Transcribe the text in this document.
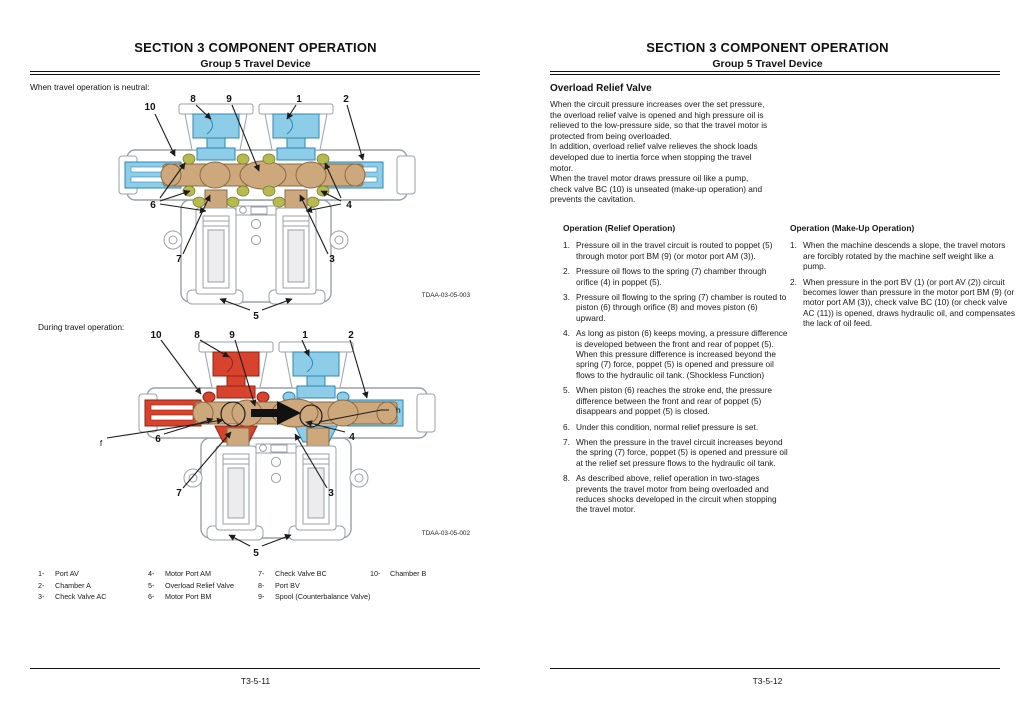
SECTION 3 COMPONENT OPERATION
Group 5 Travel Device
When travel operation is neutral:
10
8	9	1	2
6	4
7	3
5
TDAA-03-05-003
During travel operation:
10	8	9	1	2
f	6	4
h
7	3
5
TDAA-03-05-002
1-	Port AV
2-	Chamber A
3-	Check Valve AC
4-	Motor Port AM
5-	Overload Relief Valve
6-	Motor Port BM
7-	Check Valve BC
8-	Port BV
9-	Spool (Counterbalance Valve)
10-	Chamber B
T3-5-11
SECTION 3 COMPONENT OPERATION
Group 5 Travel Device
Overload Relief Valve
When the circuit pressure increases over the set pressure, the overload relief valve is opened and high pressure oil is relieved to the low-pressure side, so that the travel motor is protected from being overloaded.
In addition, overload relief valve relieves the shock loads developed due to inertia force when stopping the travel motor.
When the travel motor draws pressure oil like a pump, check valve BC (10) is unseated (make-up operation) and prevents the cavitation.
Operation (Relief Operation)
1. Pressure oil in the travel circuit is routed to poppet (5) through motor port BM (9) (or motor port AM (3)).
2. Pressure oil flows to the spring (7) chamber through orifice (4) in poppet (5).
3. Pressure oil flowing to the spring (7) chamber is routed to piston (6) through orifice (8) and moves piston (6) upward.
4. As long as piston (6) keeps moving, a pressure difference is developed between the front and rear of poppet (5). When this pressure difference is increased beyond the spring (7) force, poppet (5) is opened and pressure oil flows to the hydraulic oil tank. (Shockless Function)
5. When piston (6) reaches the stroke end, the pressure difference between the front and rear of poppet (5) disappears and poppet (5) is closed.
6. Under this condition, normal relief pressure is set.
7. When the pressure in the travel circuit increases beyond the spring (7) force, poppet (5) is opened and pressure oil at the relief set pressure flows to the hydraulic oil tank.
8. As described above, relief operation in two-stages prevents the travel motor from being overloaded and reduces shocks developed in the circuit when stopping the travel motor.
Operation (Make-Up Operation)
1. When the machine descends a slope, the travel motors are forcibly rotated by the machine self weight like a pump.
2. When pressure in the port BV (1) (or port AV (2)) circuit becomes lower than pressure in the motor port BM (9) (or motor port AM (3)), check valve BC (10) (or check valve AC (11)) is opened, draws hydraulic oil, and compensates the lack of oil feed.
T3-5-12
